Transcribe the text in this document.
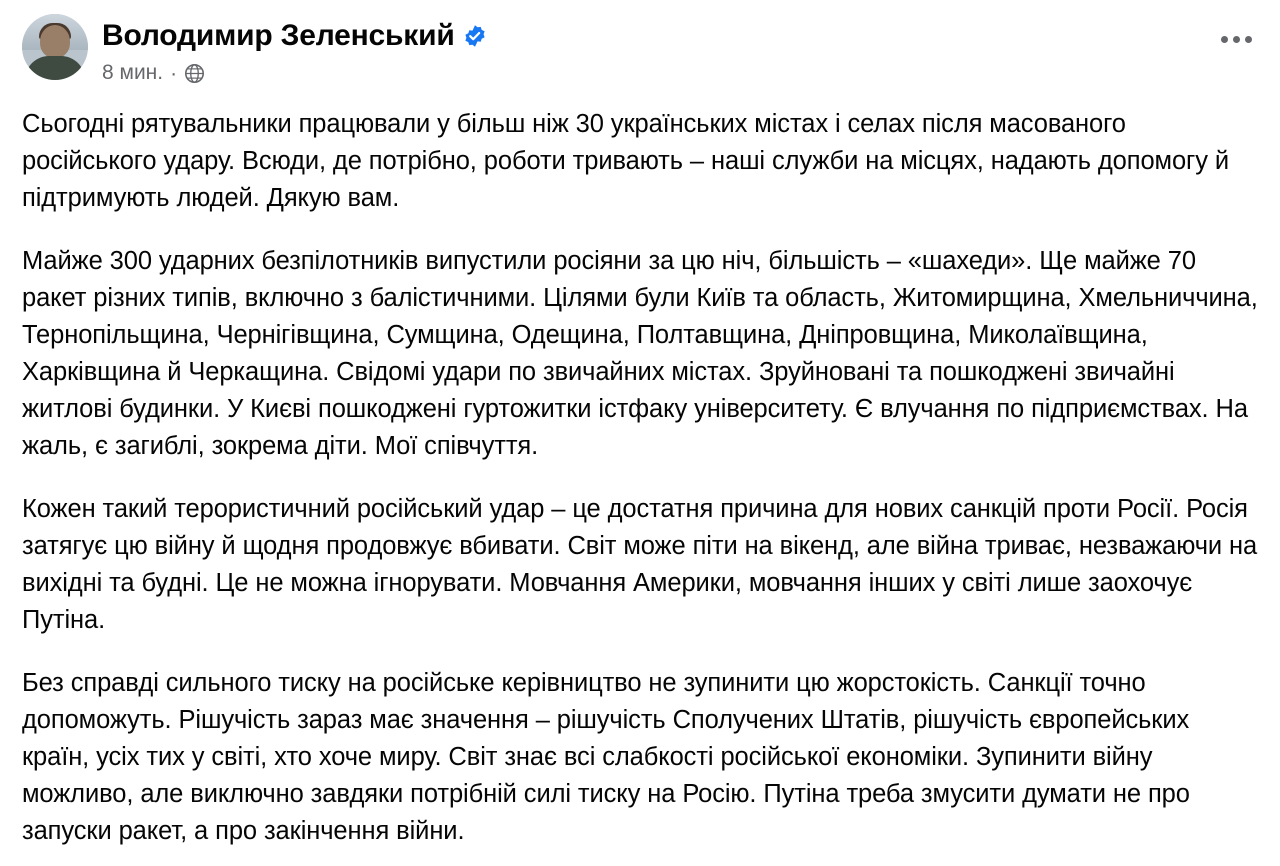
Володимир Зеленський
8 мин. ·

Сьогодні рятувальники працювали у більш ніж 30 українських містах і селах після масованого російського удару. Всюди, де потрібно, роботи тривають – наші служби на місцях, надають допомогу й підтримують людей. Дякую вам.

Майже 300 ударних безпілотників випустили росіяни за цю ніч, більшість – «шахеди». Ще майже 70 ракет різних типів, включно з балістичними. Цілями були Київ та область, Житомирщина, Хмельниччина, Тернопільщина, Чернігівщина, Сумщина, Одещина, Полтавщина, Дніпровщина, Миколаївщина, Харківщина й Черкащина. Свідомі удари по звичайних містах. Зруйновані та пошкоджені звичайні житлові будинки. У Києві пошкоджені гуртожитки істфаку університету. Є влучання по підприємствах. На жаль, є загиблі, зокрема діти. Мої співчуття.

Кожен такий терористичний російський удар – це достатня причина для нових санкцій проти Росії. Росія затягує цю війну й щодня продовжує вбивати. Світ може піти на вікенд, але війна триває, незважаючи на вихідні та будні. Це не можна ігнорувати. Мовчання Америки, мовчання інших у світі лише заохочує Путіна.

Без справді сильного тиску на російське керівництво не зупинити цю жорстокість. Санкції точно допоможуть. Рішучість зараз має значення – рішучість Сполучених Штатів, рішучість європейських країн, усіх тих у світі, хто хоче миру. Світ знає всі слабкості російської економіки. Зупинити війну можливо, але виключно завдяки потрібній силі тиску на Росію. Путіна треба змусити думати не про запуски ракет, а про закінчення війни.
